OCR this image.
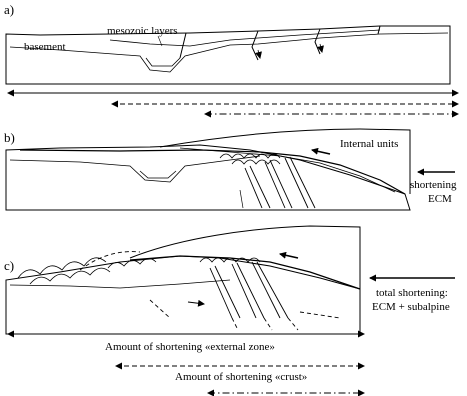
a)
mesozoic layers
basement
b)	Internal units
shortening
ECM
c)
total shortening:
ECM + subalpine
Amount of shortening «external zone»
Amount of shortening «crust»
